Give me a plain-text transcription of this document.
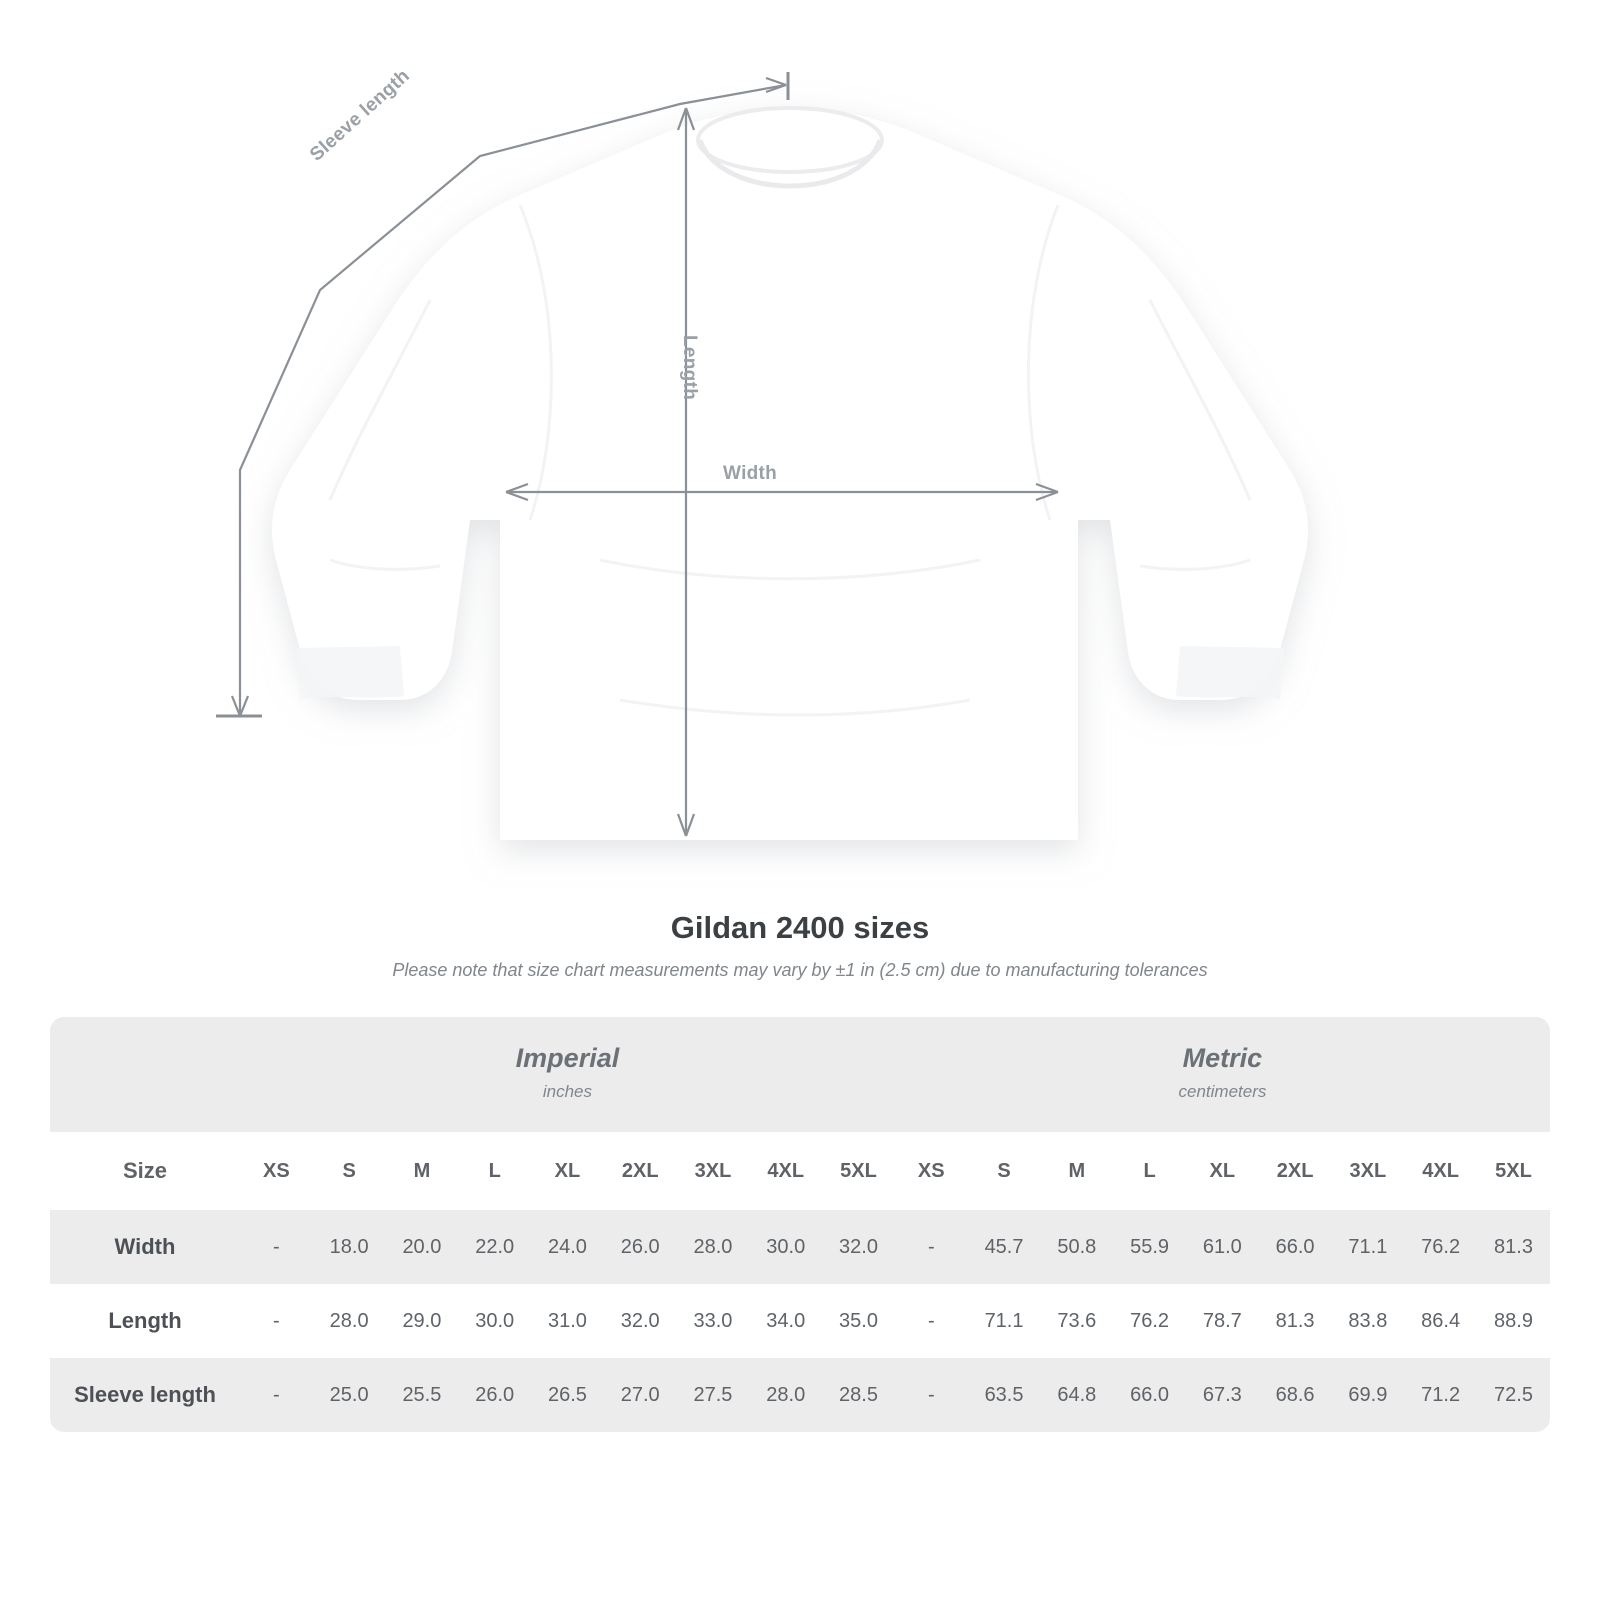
Sleeve length
Length
Width
Gildan 2400 sizes

Please note that size chart measurements may vary by ±1 in (2.5 cm) due to manufacturing tolerances

	Imperial
inches									Metric
centimeters								

Size	XS	S	M	L	XL	2XL	3XL	4XL	5XL	XS	S	M	L	XL	2XL	3XL	4XL	5XL
Width	-	18.0	20.0	22.0	24.0	26.0	28.0	30.0	32.0	-	45.7	50.8	55.9	61.0	66.0	71.1	76.2	81.3
Length	-	28.0	29.0	30.0	31.0	32.0	33.0	34.0	35.0	-	71.1	73.6	76.2	78.7	81.3	83.8	86.4	88.9
Sleeve length	-	25.0	25.5	26.0	26.5	27.0	27.5	28.0	28.5	-	63.5	64.8	66.0	67.3	68.6	69.9	71.2	72.5
